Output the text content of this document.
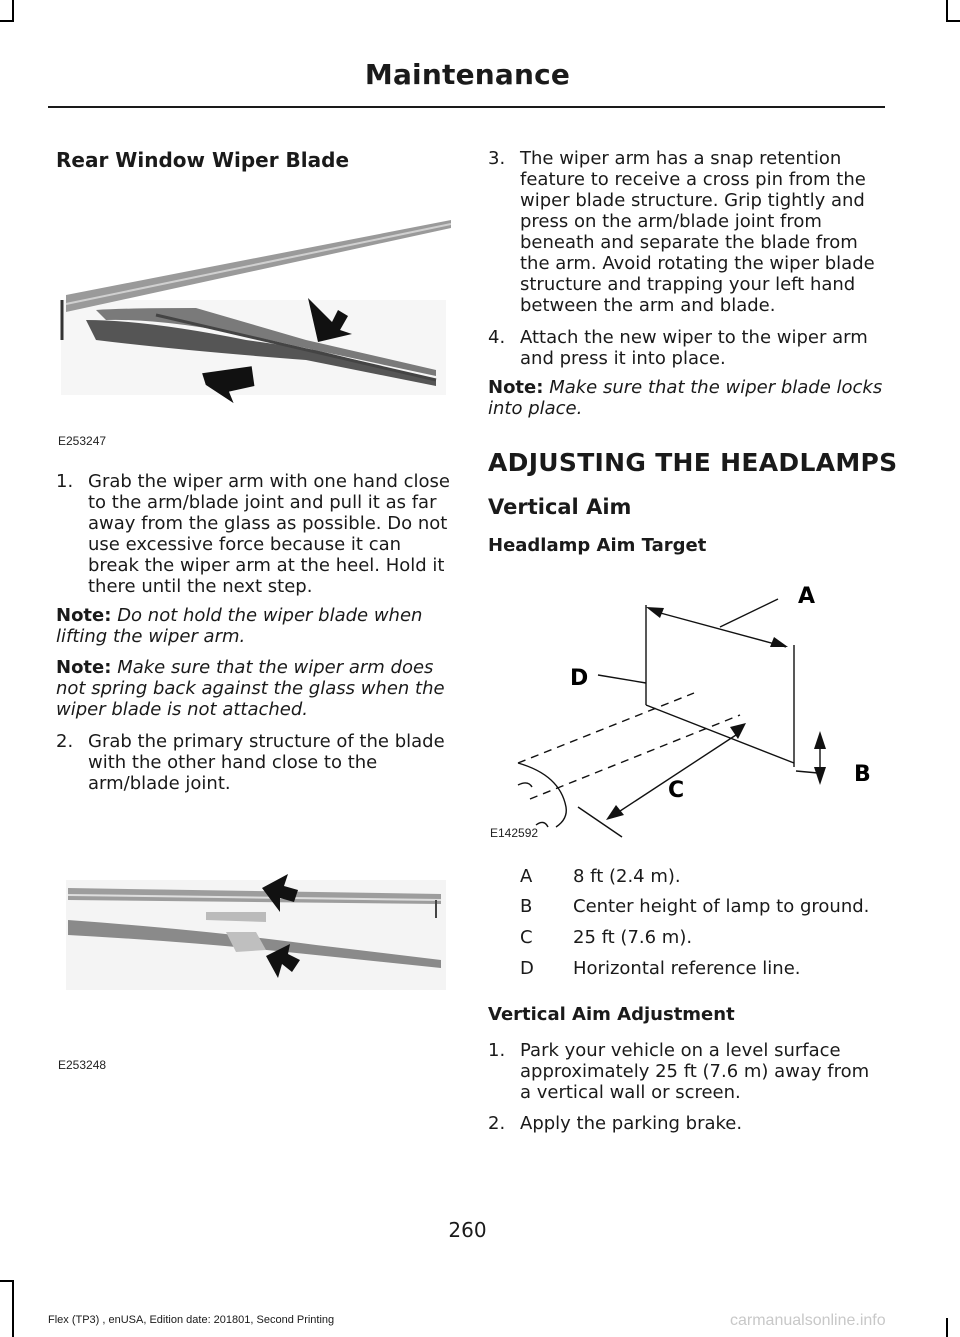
Maintenance
Rear Window Wiper Blade
E253247
1. Grab the wiper arm with one hand close to the arm/blade joint and pull it as far away from the glass as possible. Do not use excessive force because it can break the wiper arm at the heel. Hold it there until the next step.
Note: Do not hold the wiper blade when lifting the wiper arm.
Note: Make sure that the wiper arm does not spring back against the glass when the wiper blade is not attached.
2. Grab the primary structure of the blade with the other hand close to the arm/blade joint.
E253248
3. The wiper arm has a snap retention feature to receive a cross pin from the wiper blade structure. Grip tightly and press on the arm/blade joint from beneath and separate the blade from the arm. Avoid rotating the wiper blade structure and trapping your left hand between the arm and blade.
4. Attach the new wiper to the wiper arm and press it into place.
Note: Make sure that the wiper blade locks into place.
ADJUSTING THE HEADLAMPS
Vertical Aim
Headlamp Aim Target
A
B
C
D
E142592
A	8 ft (2.4 m).
B	Center height of lamp to ground.
C	25 ft (7.6 m).
D	Horizontal reference line.
Vertical Aim Adjustment
1. Park your vehicle on a level surface approximately 25 ft (7.6 m) away from a vertical wall or screen.
2. Apply the parking brake.
260
Flex (TP3) , enUSA, Edition date: 201801, Second Printing	carmanualsonline.info
